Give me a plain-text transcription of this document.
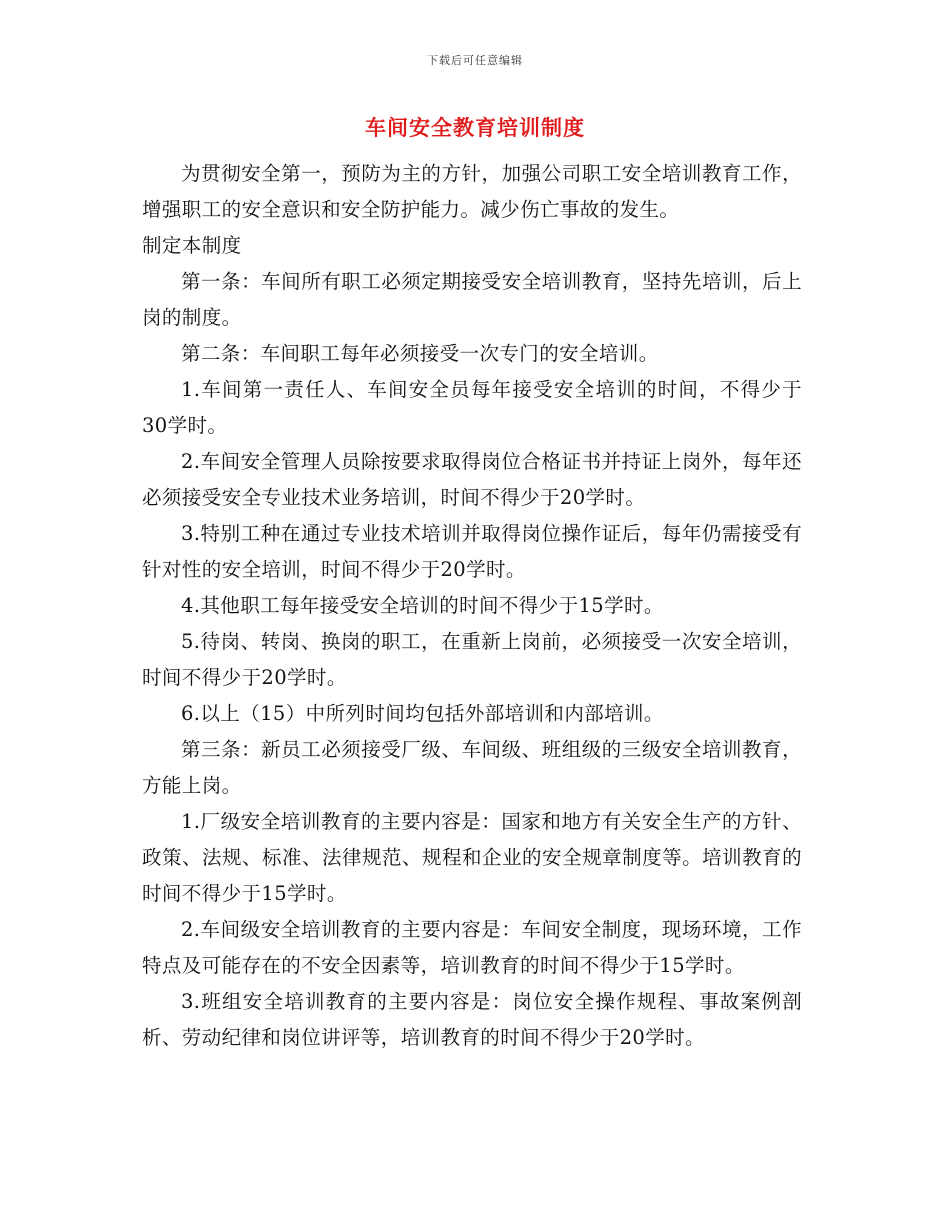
下载后可任意编辑
车间安全教育培训制度

为贯彻安全第一，预防为主的方针，加强公司职工安全培训教育工作，增强职工的安全意识和安全防护能力。减少伤亡事故的发生。

制定本制度

第一条：车间所有职工必须定期接受安全培训教育，坚持先培训，后上岗的制度。

第二条：车间职工每年必须接受一次专门的安全培训。

1.车间第一责任人、车间安全员每年接受安全培训的时间，不得少于30学时。

2.车间安全管理人员除按要求取得岗位合格证书并持证上岗外，每年还必须接受安全专业技术业务培训，时间不得少于20学时。

3.特别工种在通过专业技术培训并取得岗位操作证后，每年仍需接受有针对性的安全培训，时间不得少于20学时。

4.其他职工每年接受安全培训的时间不得少于15学时。

5.待岗、转岗、换岗的职工，在重新上岗前，必须接受一次安全培训，时间不得少于20学时。

6.以上（15）中所列时间均包括外部培训和内部培训。

第三条：新员工必须接受厂级、车间级、班组级的三级安全培训教育，方能上岗。

1.厂级安全培训教育的主要内容是：国家和地方有关安全生产的方针、政策、法规、标准、法律规范、规程和企业的安全规章制度等。培训教育的时间不得少于15学时。

2.车间级安全培训教育的主要内容是：车间安全制度，现场环境，工作特点及可能存在的不安全因素等，培训教育的时间不得少于15学时。

3.班组安全培训教育的主要内容是：岗位安全操作规程、事故案例剖析、劳动纪律和岗位讲评等，培训教育的时间不得少于20学时。
